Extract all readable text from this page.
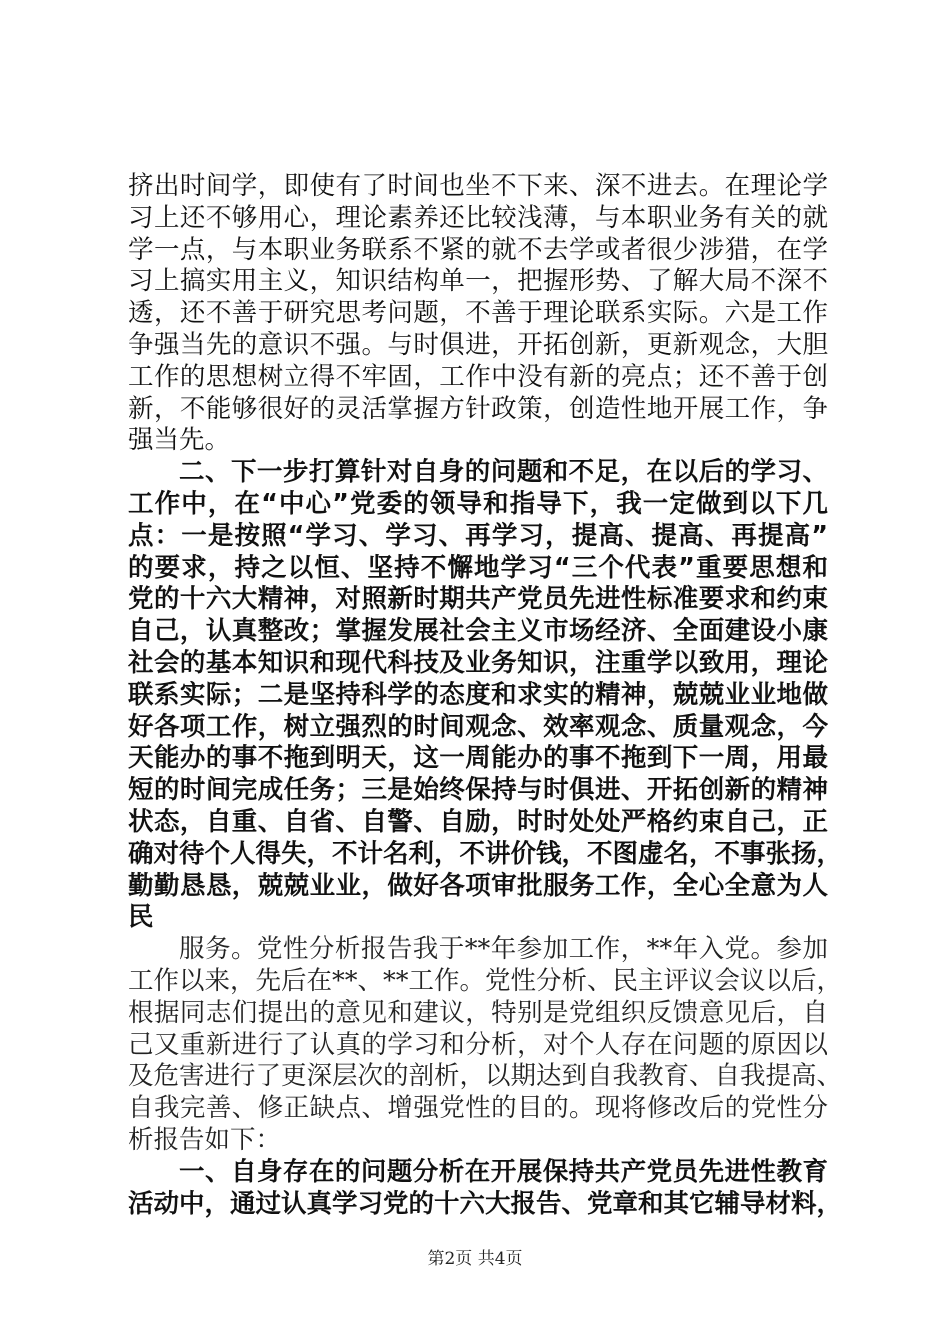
挤出时间学，即使有了时间也坐不下来、深不进去。在理论学
习上还不够用心，理论素养还比较浅薄，与本职业务有关的就
学一点，与本职业务联系不紧的就不去学或者很少涉猎，在学
习上搞实用主义，知识结构单一，把握形势、了解大局不深不
透，还不善于研究思考问题，不善于理论联系实际。六是工作
争强当先的意识不强。与时俱进，开拓创新，更新观念，大胆
工作的思想树立得不牢固，工作中没有新的亮点；还不善于创
新，不能够很好的灵活掌握方针政策，创造性地开展工作，争
强当先。
二、下一步打算针对自身的问题和不足，在以后的学习、
工作中，在“中心”党委的领导和指导下，我一定做到以下几
点：一是按照“学习、学习、再学习，提高、提高、再提高”
的要求，持之以恒、坚持不懈地学习“三个代表”重要思想和
党的十六大精神，对照新时期共产党员先进性标准要求和约束
自己，认真整改；掌握发展社会主义市场经济、全面建设小康
社会的基本知识和现代科技及业务知识，注重学以致用，理论
联系实际；二是坚持科学的态度和求实的精神，兢兢业业地做
好各项工作，树立强烈的时间观念、效率观念、质量观念，今
天能办的事不拖到明天，这一周能办的事不拖到下一周，用最
短的时间完成任务；三是始终保持与时俱进、开拓创新的精神
状态，自重、自省、自警、自励，时时处处严格约束自己，正
确对待个人得失，不计名利，不讲价钱，不图虚名，不事张扬，
勤勤恳恳，兢兢业业，做好各项审批服务工作，全心全意为人
民
服务。党性分析报告我于**年参加工作，**年入党。参加
工作以来，先后在**、**工作。党性分析、民主评议会议以后，
根据同志们提出的意见和建议，特别是党组织反馈意见后，自
己又重新进行了认真的学习和分析，对个人存在问题的原因以
及危害进行了更深层次的剖析，以期达到自我教育、自我提高、
自我完善、修正缺点、增强党性的目的。现将修改后的党性分
析报告如下：
一、自身存在的问题分析在开展保持共产党员先进性教育
活动中，通过认真学习党的十六大报告、党章和其它辅导材料，
第2页 共4页
